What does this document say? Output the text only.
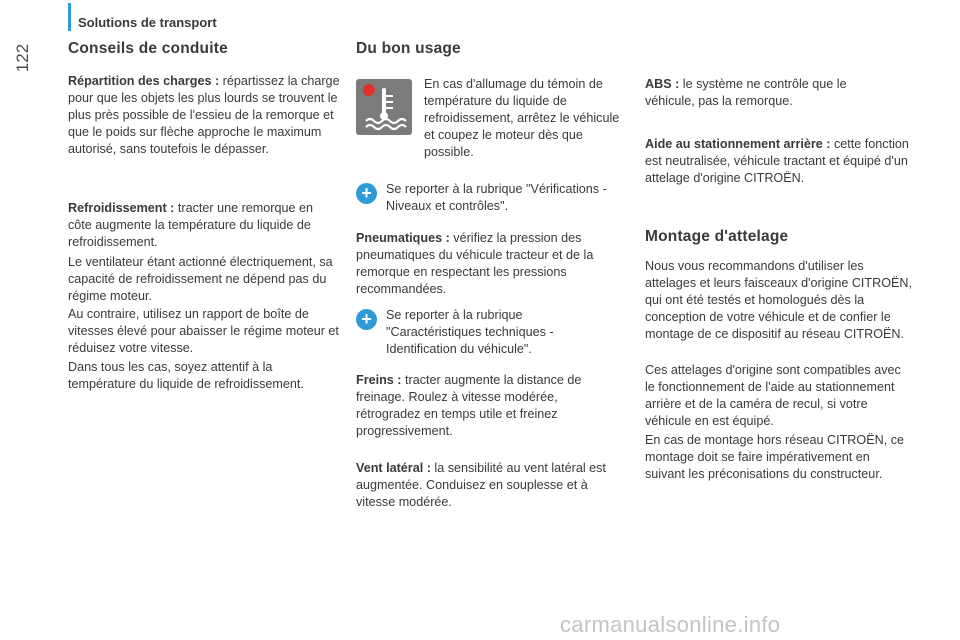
Solutions de transport
122 Conseils de conduite

Répartition des charges : répartissez la charge pour que les objets les plus lourds se trouvent le plus près possible de l'essieu de la remorque et que le poids sur flèche approche le maximum autorisé, sans toutefois le dépasser.

Refroidissement : tracter une remorque en côte augmente la température du liquide de refroidissement.

Le ventilateur étant actionné électriquement, sa capacité de refroidissement ne dépend pas du régime moteur.

Au contraire, utilisez un rapport de boîte de vitesses élevé pour abaisser le régime moteur et réduisez votre vitesse.

Dans tous les cas, soyez attentif à la température du liquide de refroidissement.

Du bon usage

En cas d'allumage du témoin de température du liquide de refroidissement, arrêtez le véhicule et coupez le moteur dès que possible.

+	Se reporter à la rubrique "Vérifications - Niveaux et contrôles".

Pneumatiques : vérifiez la pression des pneumatiques du véhicule tracteur et de la remorque en respectant les pressions recommandées.

+	Se reporter à la rubrique "Caractéristiques techniques - Identification du véhicule".

Freins : tracter augmente la distance de freinage. Roulez à vitesse modérée, rétrogradez en temps utile et freinez progressivement.

Vent latéral : la sensibilité au vent latéral est augmentée. Conduisez en souplesse et à vitesse modérée.

ABS : le système ne contrôle que le véhicule, pas la remorque.

Aide au stationnement arrière : cette fonction est neutralisée, véhicule tractant et équipé d'un attelage d'origine CITROËN.

Montage d'attelage

Nous vous recommandons d'utiliser les attelages et leurs faisceaux d'origine CITROËN, qui ont été testés et homologués dès la conception de votre véhicule et de confier le montage de ce dispositif au réseau CITROËN.

Ces attelages d'origine sont compatibles avec le fonctionnement de l'aide au stationnement arrière et de la caméra de recul, si votre véhicule en est équipé.

En cas de montage hors réseau CITROËN, ce montage doit se faire impérativement en suivant les préconisations du constructeur.

carmanualsonline.info
